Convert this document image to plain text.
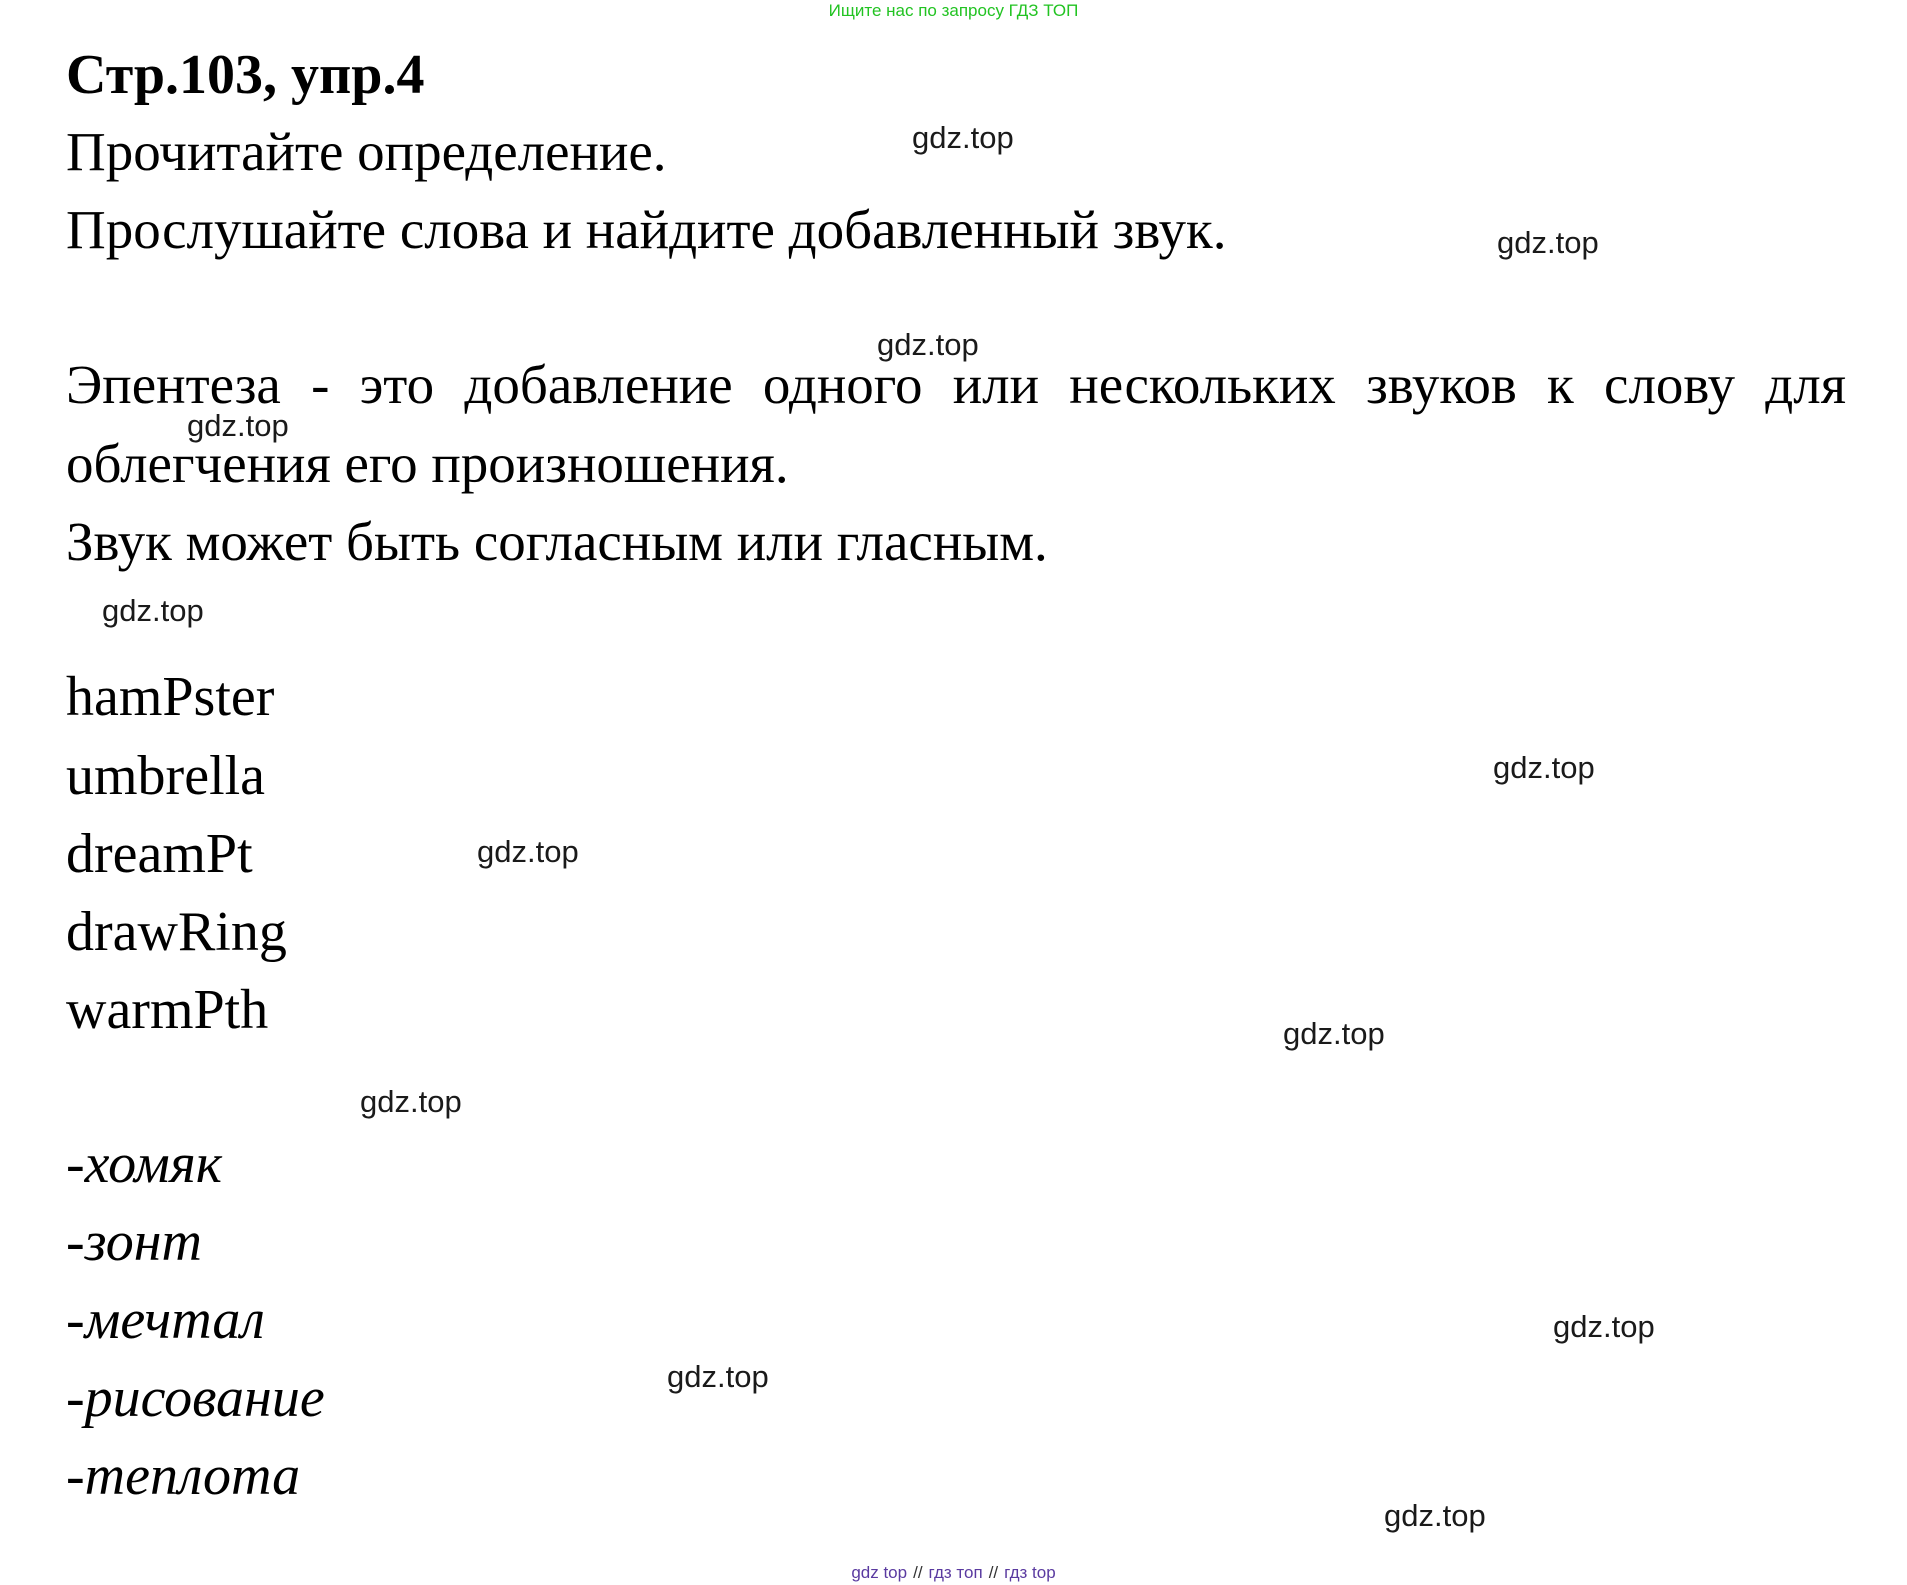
Ищите нас по запросу ГДЗ ТОП
Стр.103, упр.4
Прочитайте определение.
Прослушайте слова и найдите добавленный звук.
Эпентеза - это добавление одного или нескольких звуков к слову для
облегчения его произношения.
Звук может быть согласным или гласным.
hamPster
umbrella
dreamPt
drawRing
warmPth
-хомяк
-зонт
-мечтал
-рисование
-теплота
gdz.top
gdz.top
gdz.top
gdz.top
gdz.top
gdz.top
gdz.top
gdz.top
gdz.top
gdz.top
gdz.top
gdz.top
gdz top // гдз топ // гдз top
